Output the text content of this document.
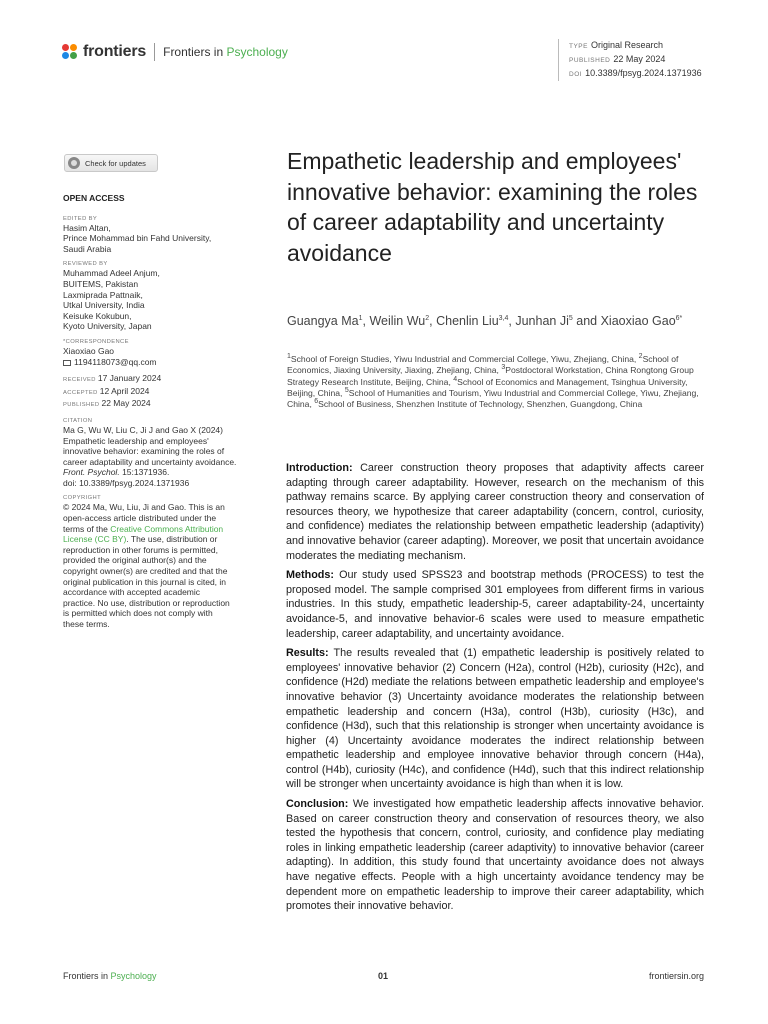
frontiers Frontiers in Psychology	TYPE Original Research
PUBLISHED 22 May 2024
DOI 10.3389/fpsyg.2024.1371936
Check for updates
OPEN ACCESS
EDITED BY
Hasim Altan,
Prince Mohammad bin Fahd University,
Saudi Arabia
REVIEWED BY
Muhammad Adeel Anjum,
BUITEMS, Pakistan
Laxmiprada Pattnaik,
Utkal University, India
Keisuke Kokubun,
Kyoto University, Japan
*CORRESPONDENCE
Xiaoxiao Gao
1194118073@qq.com
RECEIVED 17 January 2024
ACCEPTED 12 April 2024
PUBLISHED 22 May 2024
CITATION
Ma G, Wu W, Liu C, Ji J and Gao X (2024)
Empathetic leadership and employees'
innovative behavior: examining the roles of
career adaptability and uncertainty avoidance.
Front. Psychol. 15:1371936.
doi: 10.3389/fpsyg.2024.1371936
COPYRIGHT
© 2024 Ma, Wu, Liu, Ji and Gao. This is an
open-access article distributed under the
terms of the Creative Commons Attribution
License (CC BY). The use, distribution or
reproduction in other forums is permitted,
provided the original author(s) and the
copyright owner(s) are credited and that the
original publication in this journal is cited, in
accordance with accepted academic
practice. No use, distribution or reproduction
is permitted which does not comply with
these terms.
Empathetic leadership and employees' innovative behavior: examining the roles of career adaptability and uncertainty avoidance
Guangya Ma$^1$, Weilin Wu$^2$, Chenlin Liu$^{3,4}$, Junhan Ji$^5$ and Xiaoxiao Gao$^{6*}$
$^1$School of Foreign Studies, Yiwu Industrial and Commercial College, Yiwu, Zhejiang, China, $^2$School of Economics, Jiaxing University, Jiaxing, Zhejiang, China, $^3$Postdoctoral Workstation, China Rongtong Group Strategy Research Institute, Beijing, China, $^4$School of Economics and Management, Tsinghua University, Beijing, China, $^5$School of Humanities and Tourism, Yiwu Industrial and Commercial College, Yiwu, Zhejiang, China, $^6$School of Business, Shenzhen Institute of Technology, Shenzhen, Guangdong, China

Introduction: Career construction theory proposes that adaptivity affects career adapting through career adaptability. However, research on the mechanism of this pathway remains scarce. By applying career construction theory and conservation of resources theory, we hypothesize that career adaptability (concern, control, curiosity, and confidence) mediates the relationship between empathetic leadership (adaptivity) and innovative behavior (career adapting). Moreover, we posit that uncertain avoidance moderates the mediating mechanism.

Methods: Our study used SPSS23 and bootstrap methods (PROCESS) to test the proposed model. The sample comprised 301 employees from different firms in various industries. In this study, empathetic leadership-5, career adaptability-24, uncertainty avoidance-5, and innovative behavior-6 scales were used to measure empathetic leadership, career adaptability, and uncertainty avoidance.

Results: The results revealed that (1) empathetic leadership is positively related to employees' innovative behavior (2) Concern (H2a), control (H2b), curiosity (H2c), and confidence (H2d) mediate the relations between empathetic leadership and employee's innovative behavior (3) Uncertainty avoidance moderates the relationship between empathetic leadership and concern (H3a), control (H3b), curiosity (H3c), and confidence (H3d), such that this relationship is stronger when uncertainty avoidance is higher (4) Uncertainty avoidance moderates the indirect relationship between empathetic leadership and employee innovative behavior through concern (H4a), control (H4b), curiosity (H4c), and confidence (H4d), such that this indirect relationship will be stronger when uncertainty avoidance is high than when it is low.

Conclusion: We investigated how empathetic leadership affects innovative behavior. Based on career construction theory and conservation of resources theory, we also tested the hypothesis that concern, control, curiosity, and confidence play mediating roles in linking empathetic leadership (career adaptivity) to innovative behavior (career adapting). In addition, this study found that uncertainty avoidance does not always have negative effects. People with a high uncertainty avoidance tendency may be dependent more on empathetic leadership to improve their career adaptability, which promotes their innovative behavior.

Frontiers in Psychology	01	frontiersin.org
